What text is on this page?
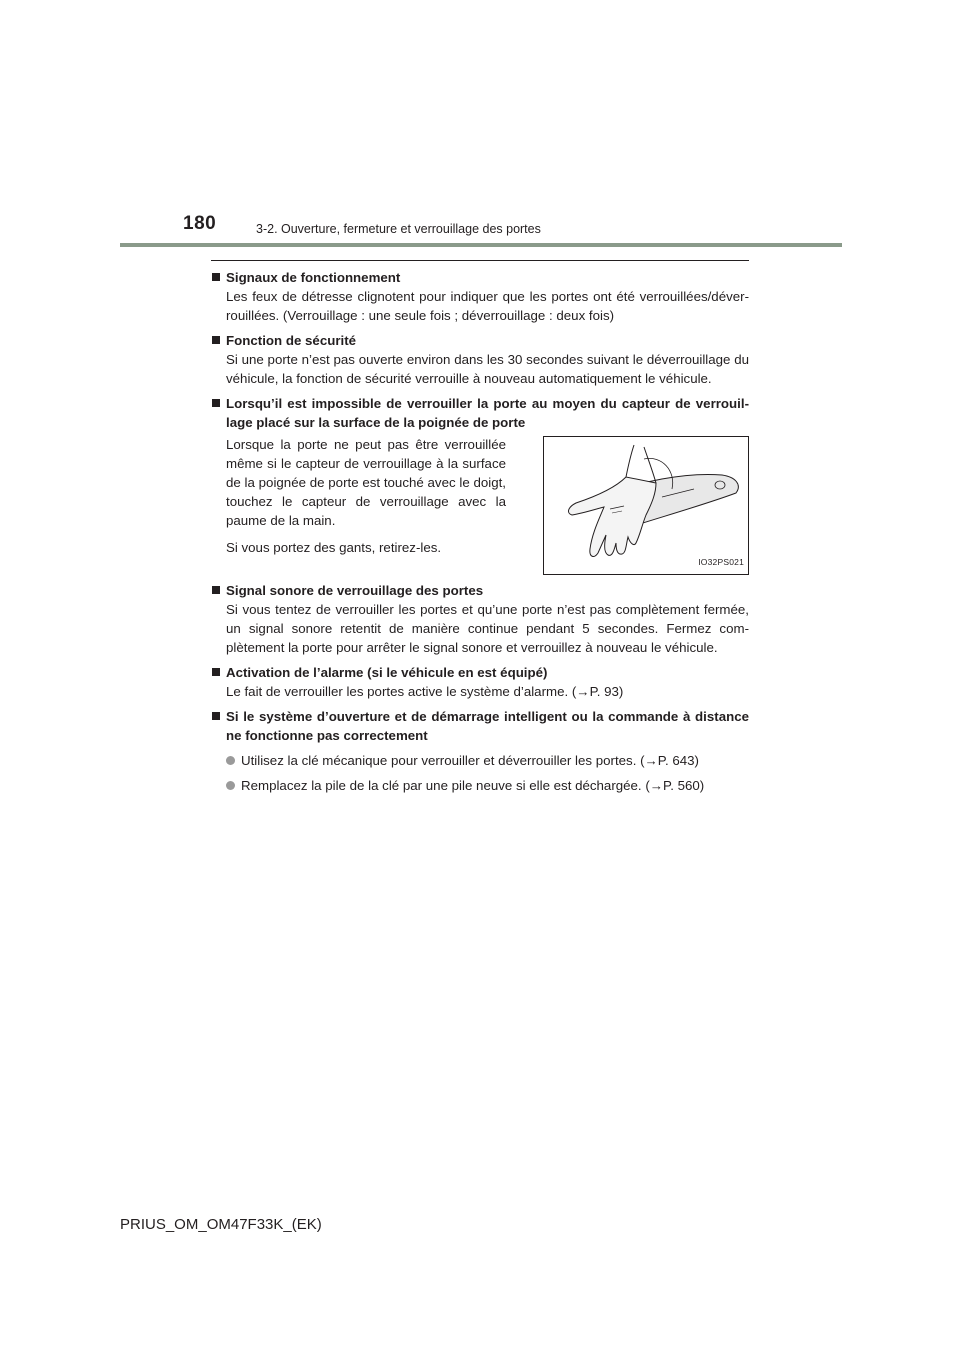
180	3-2. Ouverture, fermeture et verrouillage des portes
Signaux de fonctionnement
Les feux de détresse clignotent pour indiquer que les portes ont été verrouillées/déverrouillées. (Verrouillage : une seule fois ; déverrouillage : deux fois)
Fonction de sécurité
Si une porte n’est pas ouverte environ dans les 30 secondes suivant le déverrouillage du véhicule, la fonction de sécurité verrouille à nouveau automatiquement le véhicule.
Lorsqu’il est impossible de verrouiller la porte au moyen du capteur de verrouillage placé sur la surface de la poignée de porte

Lorsque la porte ne peut pas être verrouillée même si le capteur de verrouillage à la surface de la poignée de porte est touché avec le doigt, touchez le capteur de verrouillage avec la paume de la main.

Si vous portez des gants, retirez-les.

IO32PS021
Signal sonore de verrouillage des portes
Si vous tentez de verrouiller les portes et qu’une porte n’est pas complètement fermée, un signal sonore retentit de manière continue pendant 5 secondes. Fermez complètement la porte pour arrêter le signal sonore et verrouillez à nouveau le véhicule.
Activation de l’alarme (si le véhicule en est équipé)
Le fait de verrouiller les portes active le système d’alarme. (→P. 93)
Si le système d’ouverture et de démarrage intelligent ou la commande à distance ne fonctionne pas correctement
Utilisez la clé mécanique pour verrouiller et déverrouiller les portes. (→P. 643)
Remplacez la pile de la clé par une pile neuve si elle est déchargée. (→P. 560)
PRIUS_OM_OM47F33K_(EK)
